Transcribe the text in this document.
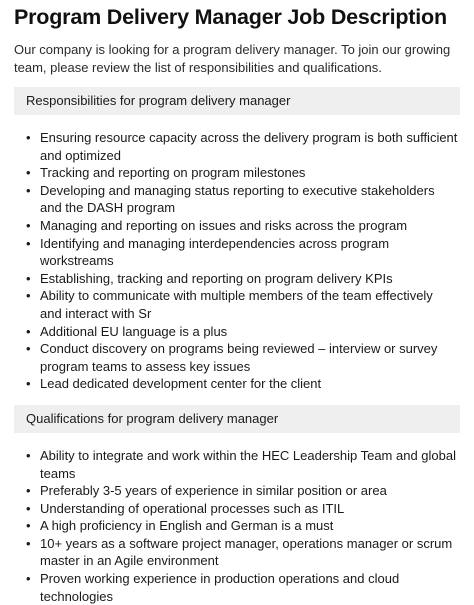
Program Delivery Manager Job Description

Our company is looking for a program delivery manager. To join our growing team, please review the list of responsibilities and qualifications.

Responsibilities for program delivery manager
• Ensuring resource capacity across the delivery program is both sufficient and optimized
• Tracking and reporting on program milestones
• Developing and managing status reporting to executive stakeholders and the DASH program
• Managing and reporting on issues and risks across the program
• Identifying and managing interdependencies across program workstreams
• Establishing, tracking and reporting on program delivery KPIs
• Ability to communicate with multiple members of the team effectively and interact with Sr
• Additional EU language is a plus
• Conduct discovery on programs being reviewed – interview or survey program teams to assess key issues
• Lead dedicated development center for the client
Qualifications for program delivery manager
• Ability to integrate and work within the HEC Leadership Team and global teams
• Preferably 3-5 years of experience in similar position or area
• Understanding of operational processes such as ITIL
• A high proficiency in English and German is a must
• 10+ years as a software project manager, operations manager or scrum master in an Agile environment
• Proven working experience in production operations and cloud technologies
